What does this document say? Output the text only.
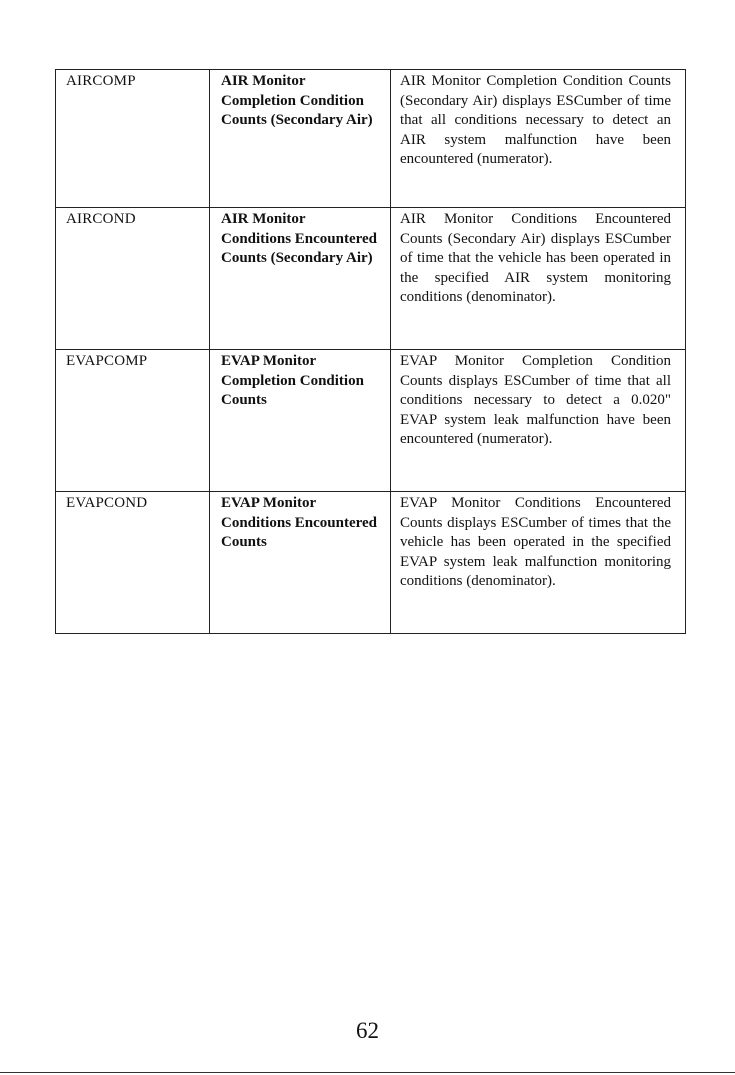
AIRCOMP	AIR Monitor Completion Condition Counts (Secondary Air)	AIR Monitor Completion Condition Counts (Secondary Air) displays ESCumber of time that all conditions necessary to detect an AIR system malfunction have been encountered (numerator).
AIRCOND	AIR Monitor Conditions Encountered Counts (Secondary Air)	AIR Monitor Conditions Encountered Counts (Secondary Air) displays ESCumber of time that the vehicle has been operated in the specified AIR system monitoring conditions (denominator).
EVAPCOMP	EVAP Monitor Completion Condition Counts	EVAP Monitor Completion Condition Counts displays ESCumber of time that all conditions necessary to detect a 0.020" EVAP system leak malfunction have been encountered (numerator).
EVAPCOND	EVAP Monitor Conditions Encountered Counts	EVAP Monitor Conditions Encountered Counts displays ESCumber of times that the vehicle has been operated in the specified EVAP system leak malfunction monitoring conditions (denominator).
62
